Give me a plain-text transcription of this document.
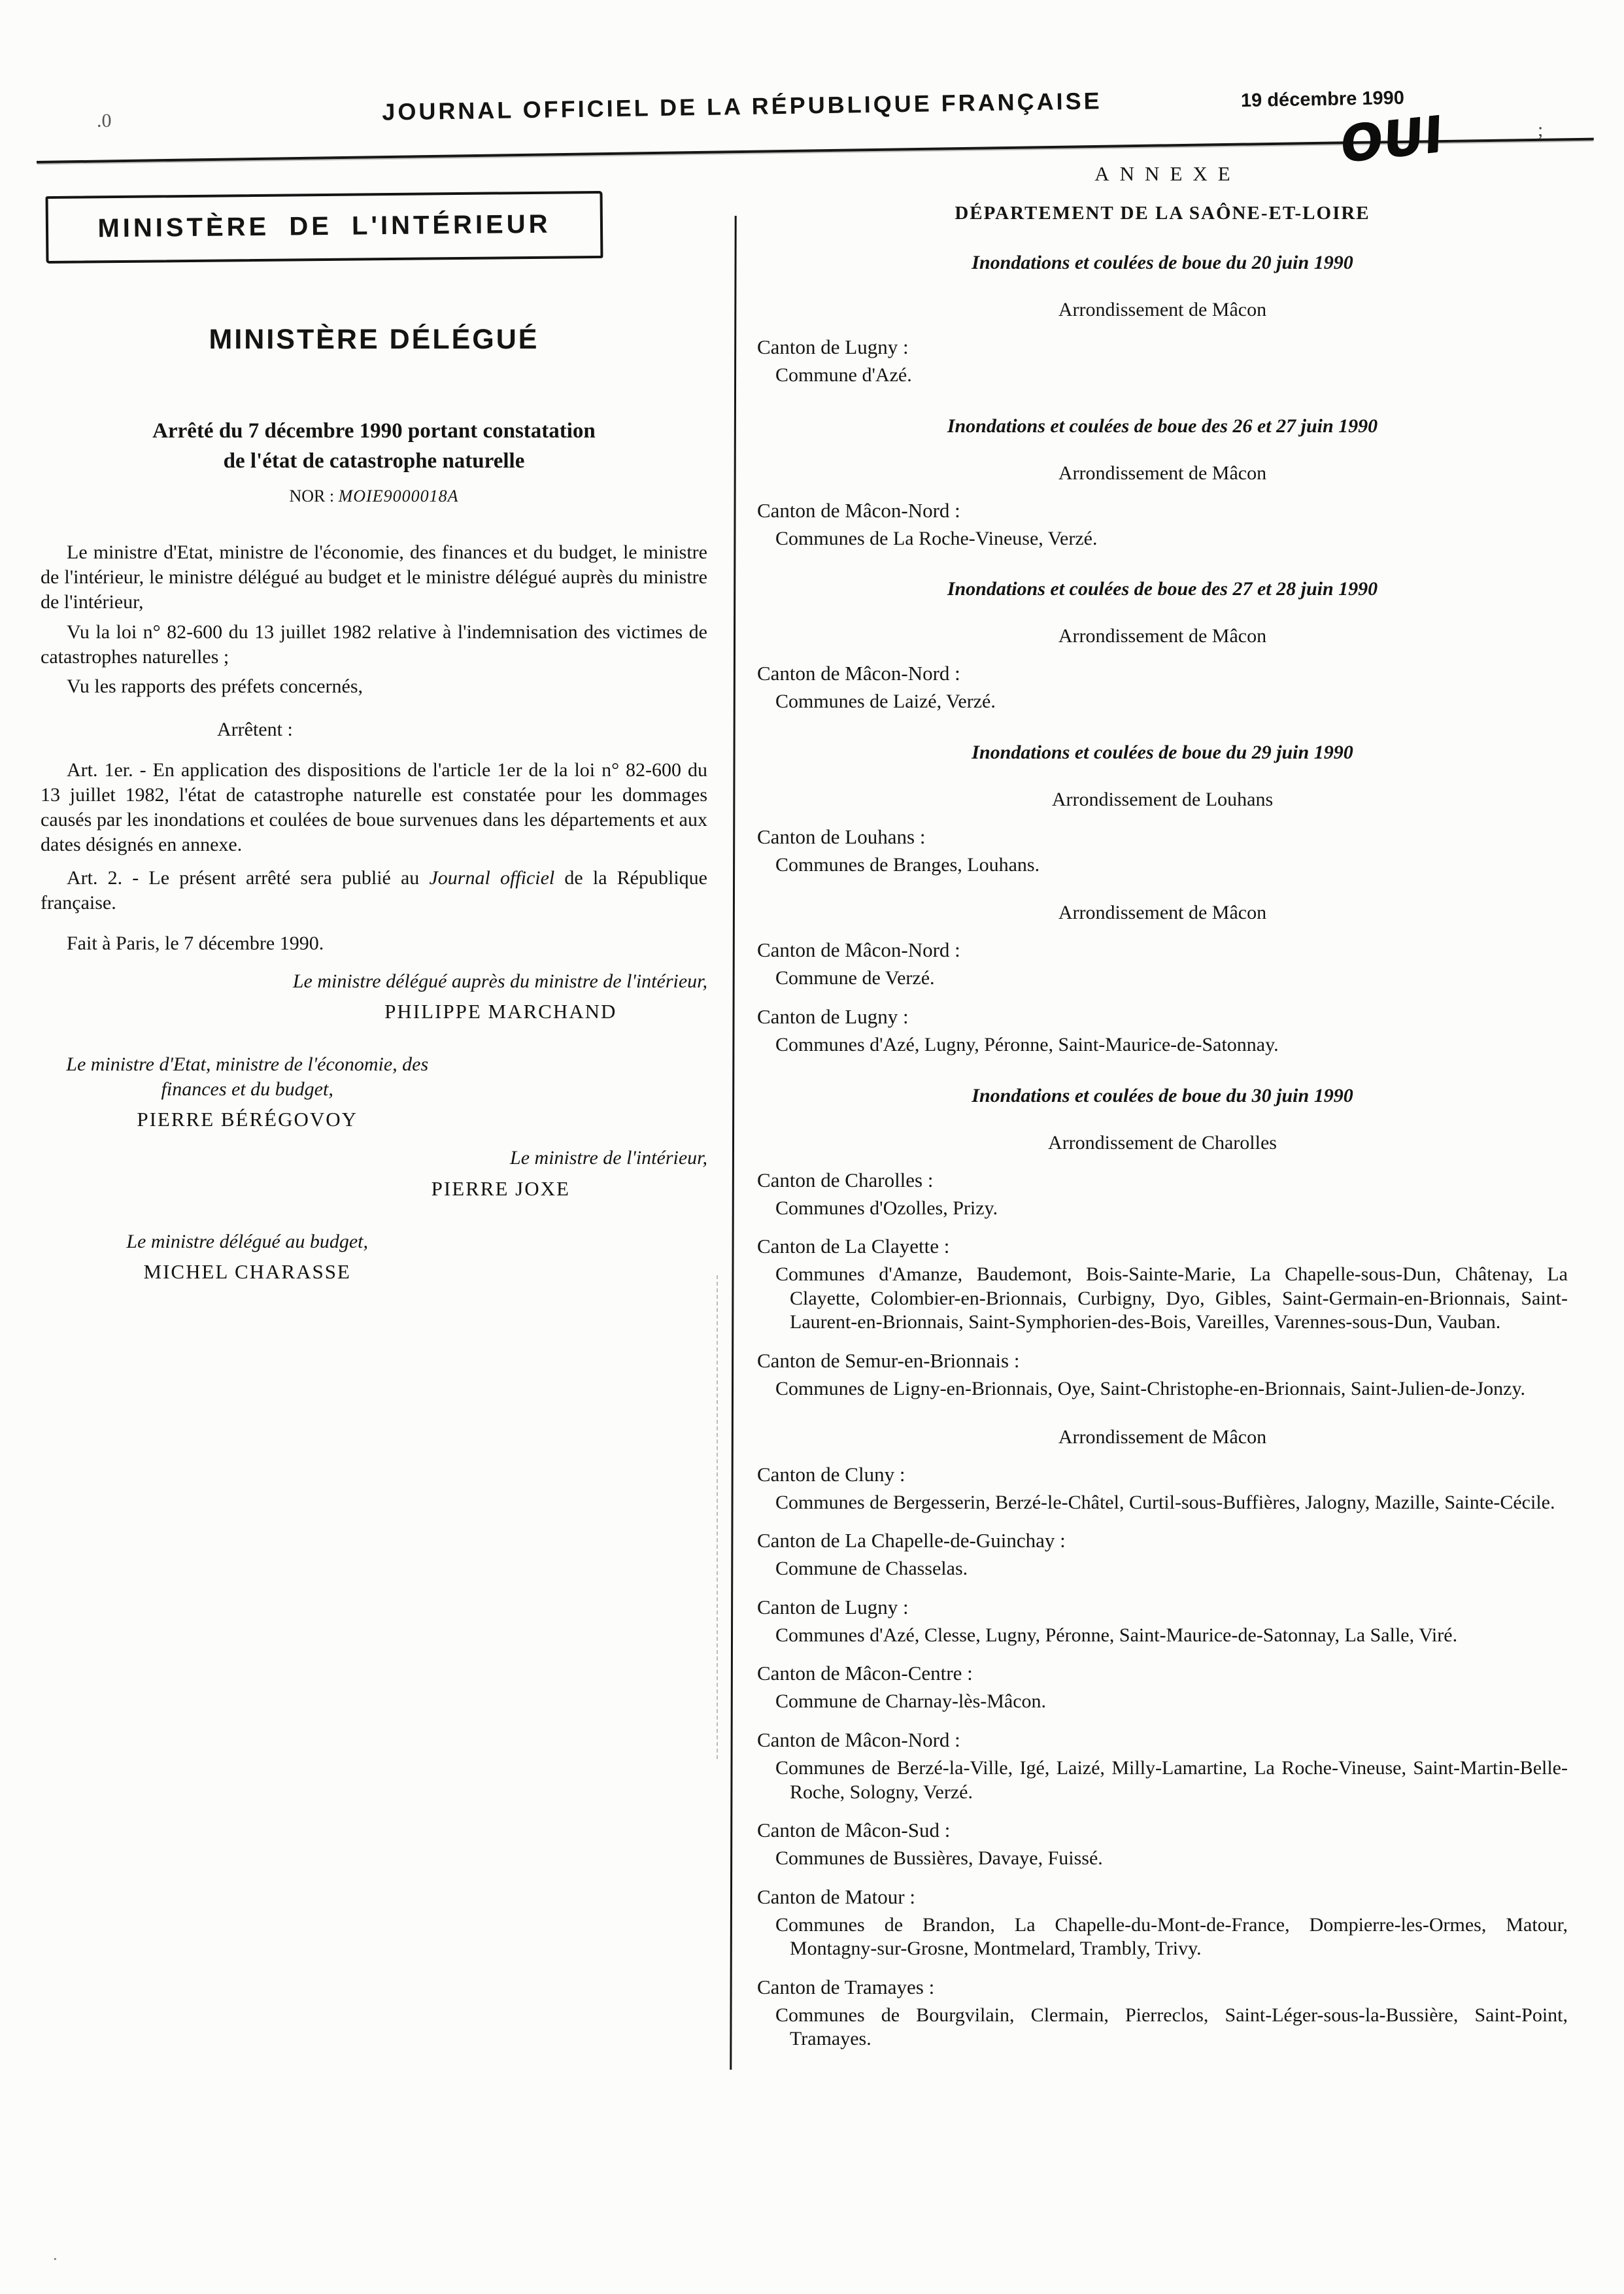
.0	JOURNAL OFFICIEL DE LA RÉPUBLIQUE FRANÇAISE	19 décembre 1990
OUI	;
·
MINISTÈRE DE L'INTÉRIEUR
MINISTÈRE DÉLÉGUÉ
Arrêté du 7 décembre 1990 portant constatation
de l'état de catastrophe naturelle
NOR : MOIE9000018A

Le ministre d'Etat, ministre de l'économie, des finances et du budget, le ministre de l'intérieur, le ministre délégué au budget et le ministre délégué auprès du ministre de l'intérieur,

Vu la loi n° 82-600 du 13 juillet 1982 relative à l'indemnisation des victimes de catastrophes naturelles ;

Vu les rapports des préfets concernés,

Arrêtent :

Art. 1er. - En application des dispositions de l'article 1er de la loi n° 82-600 du 13 juillet 1982, l'état de catastrophe naturelle est constatée pour les dommages causés par les inondations et coulées de boue survenues dans les départements et aux dates désignés en annexe.

Art. 2. - Le présent arrêté sera publié au Journal officiel de la République française.

Fait à Paris, le 7 décembre 1990.

Le ministre délégué auprès du ministre de l'intérieur,
PHILIPPE MARCHAND
Le ministre d'Etat, ministre de l'économie, des finances et du budget,
PIERRE BÉRÉGOVOY
Le ministre de l'intérieur,
PIERRE JOXE
Le ministre délégué au budget,
MICHEL CHARASSE
ANNEXE
DÉPARTEMENT DE LA SAÔNE-ET-LOIRE
Inondations et coulées de boue du 20 juin 1990
Arrondissement de Mâcon
Canton de Lugny :
Commune d'Azé.
Inondations et coulées de boue des 26 et 27 juin 1990
Arrondissement de Mâcon
Canton de Mâcon-Nord :
Communes de La Roche-Vineuse, Verzé.
Inondations et coulées de boue des 27 et 28 juin 1990
Arrondissement de Mâcon
Canton de Mâcon-Nord :
Communes de Laizé, Verzé.
Inondations et coulées de boue du 29 juin 1990
Arrondissement de Louhans
Canton de Louhans :
Communes de Branges, Louhans.
Arrondissement de Mâcon
Canton de Mâcon-Nord :
Commune de Verzé.
Canton de Lugny :
Communes d'Azé, Lugny, Péronne, Saint-Maurice-de-Satonnay.
Inondations et coulées de boue du 30 juin 1990
Arrondissement de Charolles
Canton de Charolles :
Communes d'Ozolles, Prizy.
Canton de La Clayette :
Communes d'Amanze, Baudemont, Bois-Sainte-Marie, La Chapelle-sous-Dun, Châtenay, La Clayette, Colombier-en-Brionnais, Curbigny, Dyo, Gibles, Saint-Germain-en-Brionnais, Saint-Laurent-en-Brionnais, Saint-Symphorien-des-Bois, Vareilles, Varennes-sous-Dun, Vauban.
Canton de Semur-en-Brionnais :
Communes de Ligny-en-Brionnais, Oye, Saint-Christophe-en-Brionnais, Saint-Julien-de-Jonzy.
Arrondissement de Mâcon
Canton de Cluny :
Communes de Bergesserin, Berzé-le-Châtel, Curtil-sous-Buffières, Jalogny, Mazille, Sainte-Cécile.
Canton de La Chapelle-de-Guinchay :
Commune de Chasselas.
Canton de Lugny :
Communes d'Azé, Clesse, Lugny, Péronne, Saint-Maurice-de-Satonnay, La Salle, Viré.
Canton de Mâcon-Centre :
Commune de Charnay-lès-Mâcon.
Canton de Mâcon-Nord :
Communes de Berzé-la-Ville, Igé, Laizé, Milly-Lamartine, La Roche-Vineuse, Saint-Martin-Belle-Roche, Sologny, Verzé.
Canton de Mâcon-Sud :
Communes de Bussières, Davaye, Fuissé.
Canton de Matour :
Communes de Brandon, La Chapelle-du-Mont-de-France, Dompierre-les-Ormes, Matour, Montagny-sur-Grosne, Montmelard, Trambly, Trivy.
Canton de Tramayes :
Communes de Bourgvilain, Clermain, Pierreclos, Saint-Léger-sous-la-Bussière, Saint-Point, Tramayes.
